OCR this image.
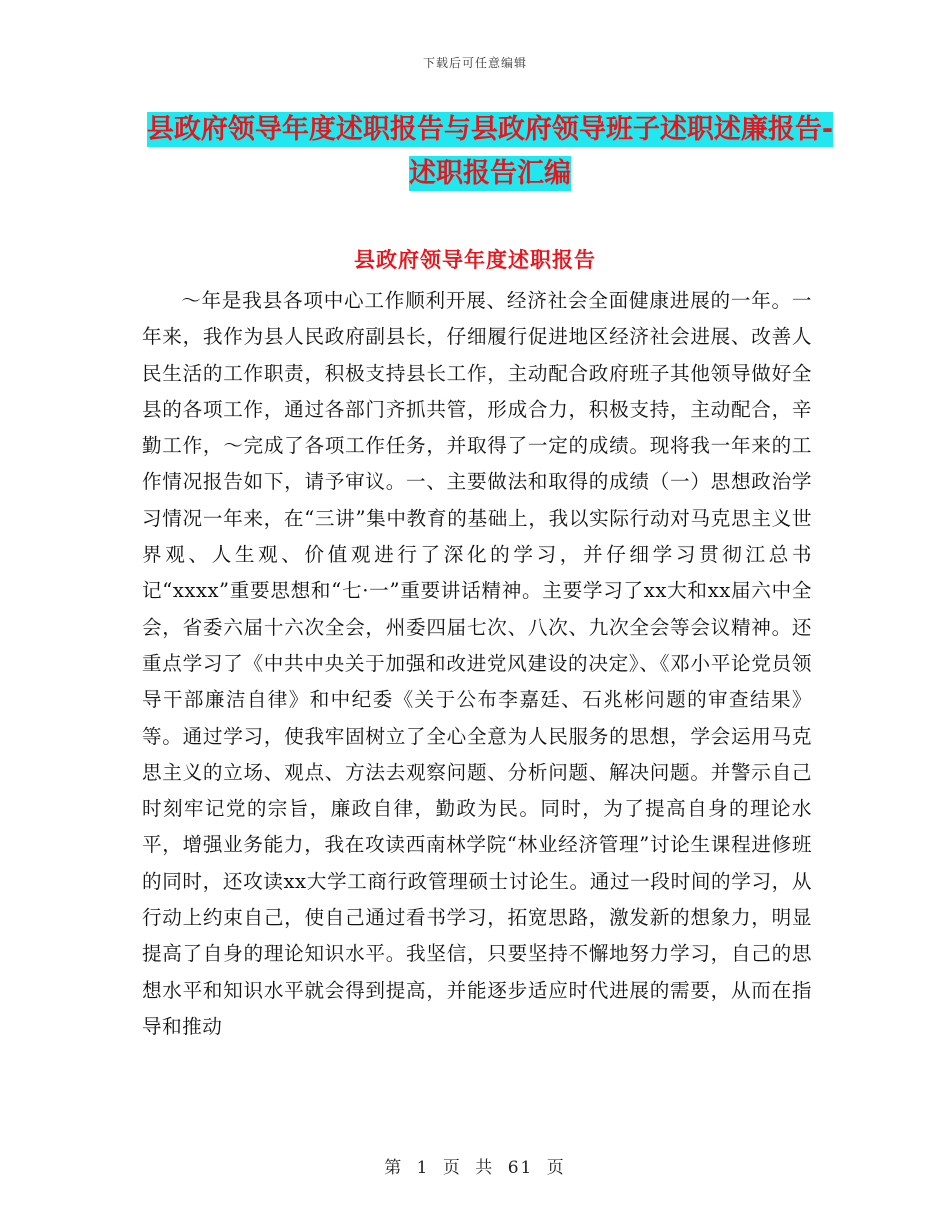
下载后可任意编辑
县政府领导年度述职报告与县政府领导班子述职述廉报告-述职报告汇编
县政府领导年度述职报告

～年是我县各项中心工作顺利开展、经济社会全面健康进展的一年。一年来，我作为县人民政府副县长，仔细履行促进地区经济社会进展、改善人民生活的工作职责，积极支持县长工作，主动配合政府班子其他领导做好全县的各项工作，通过各部门齐抓共管，形成合力，积极支持，主动配合，辛勤工作，～完成了各项工作任务，并取得了一定的成绩。现将我一年来的工作情况报告如下，请予审议。一、主要做法和取得的成绩（一）思想政治学习情况一年来，在“三讲”集中教育的基础上，我以实际行动对马克思主义世界观、人生观、价值观进行了深化的学习，并仔细学习贯彻江总书记“xxxx”重要思想和“七·一”重要讲话精神。主要学习了xx大和xx届六中全会，省委六届十六次全会，州委四届七次、八次、九次全会等会议精神。还重点学习了《中共中央关于加强和改进党风建设的决定》、《邓小平论党员领导干部廉洁自律》和中纪委《关于公布李嘉廷、石兆彬问题的审查结果》等。通过学习，使我牢固树立了全心全意为人民服务的思想，学会运用马克思主义的立场、观点、方法去观察问题、分析问题、解决问题。并警示自己时刻牢记党的宗旨，廉政自律，勤政为民。同时，为了提高自身的理论水平，增强业务能力，我在攻读西南林学院“林业经济管理”讨论生课程进修班的同时，还攻读xx大学工商行政管理硕士讨论生。通过一段时间的学习，从行动上约束自己，使自己通过看书学习，拓宽思路，激发新的想象力，明显提高了自身的理论知识水平。我坚信，只要坚持不懈地努力学习，自己的思想水平和知识水平就会得到提高，并能逐步适应时代进展的需要，从而在指导和推动

第 1 页 共 61 页
